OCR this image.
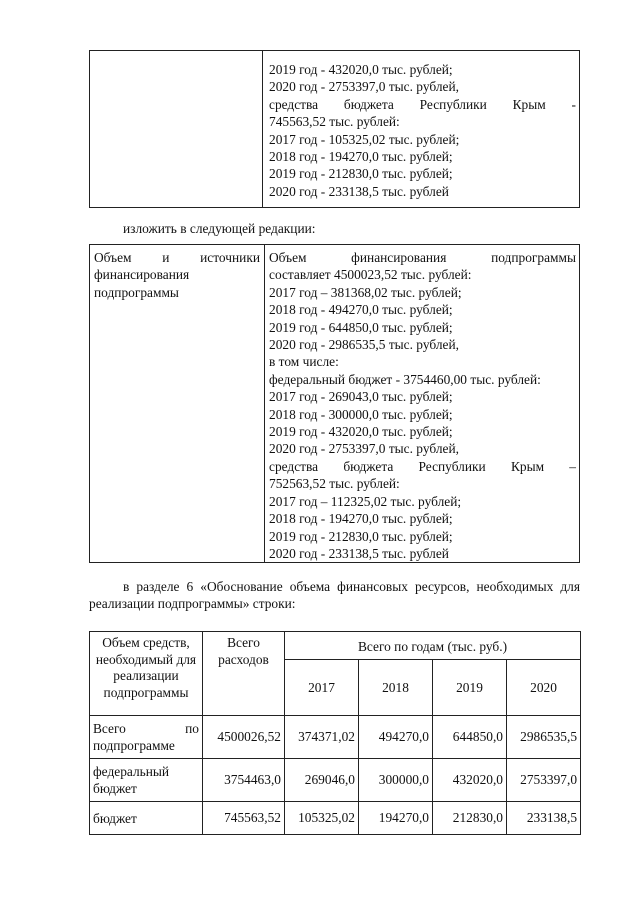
2019 год - 432020,0 тыс. рублей;
2020 год - 2753397,0 тыс. рублей,
средства бюджета Республики Крым -
745563,52 тыс. рублей:
2017 год - 105325,02 тыс. рублей;
2018 год - 194270,0 тыс. рублей;
2019 год - 212830,0 тыс. рублей;
2020 год - 233138,5 тыс. рублей
изложить в следующей редакции:
Объем и источники
финансирования
подпрограммы

Объем финансирования подпрограммы
составляет 4500023,52 тыс. рублей:
2017 год – 381368,02 тыс. рублей;
2018 год - 494270,0 тыс. рублей;
2019 год - 644850,0 тыс. рублей;
2020 год - 2986535,5 тыс. рублей,
в том числе:
федеральный бюджет - 3754460,00 тыс. рублей:
2017 год - 269043,0 тыс. рублей;
2018 год - 300000,0 тыс. рублей;
2019 год - 432020,0 тыс. рублей;
2020 год - 2753397,0 тыс. рублей,
средства бюджета Республики Крым –
752563,52 тыс. рублей:
2017 год – 112325,02 тыс. рублей;
2018 год - 194270,0 тыс. рублей;
2019 год - 212830,0 тыс. рублей;
2020 год - 233138,5 тыс. рублей
в разделе 6 «Обоснование объема финансовых ресурсов, необходимых для реализации подпрограммы» строки:
Объем средств, необходимый для реализации подпрограммы	Всего расходов	Всего по годам (тыс. руб.)			
		2017	2018	2019	2020

Всего по подпрограмме	4500026,52	374371,02	494270,0	644850,0	2986535,5
федеральный бюджет	3754463,0	269046,0	300000,0	432020,0	2753397,0
бюджет	745563,52	105325,02	194270,0	212830,0	233138,5
